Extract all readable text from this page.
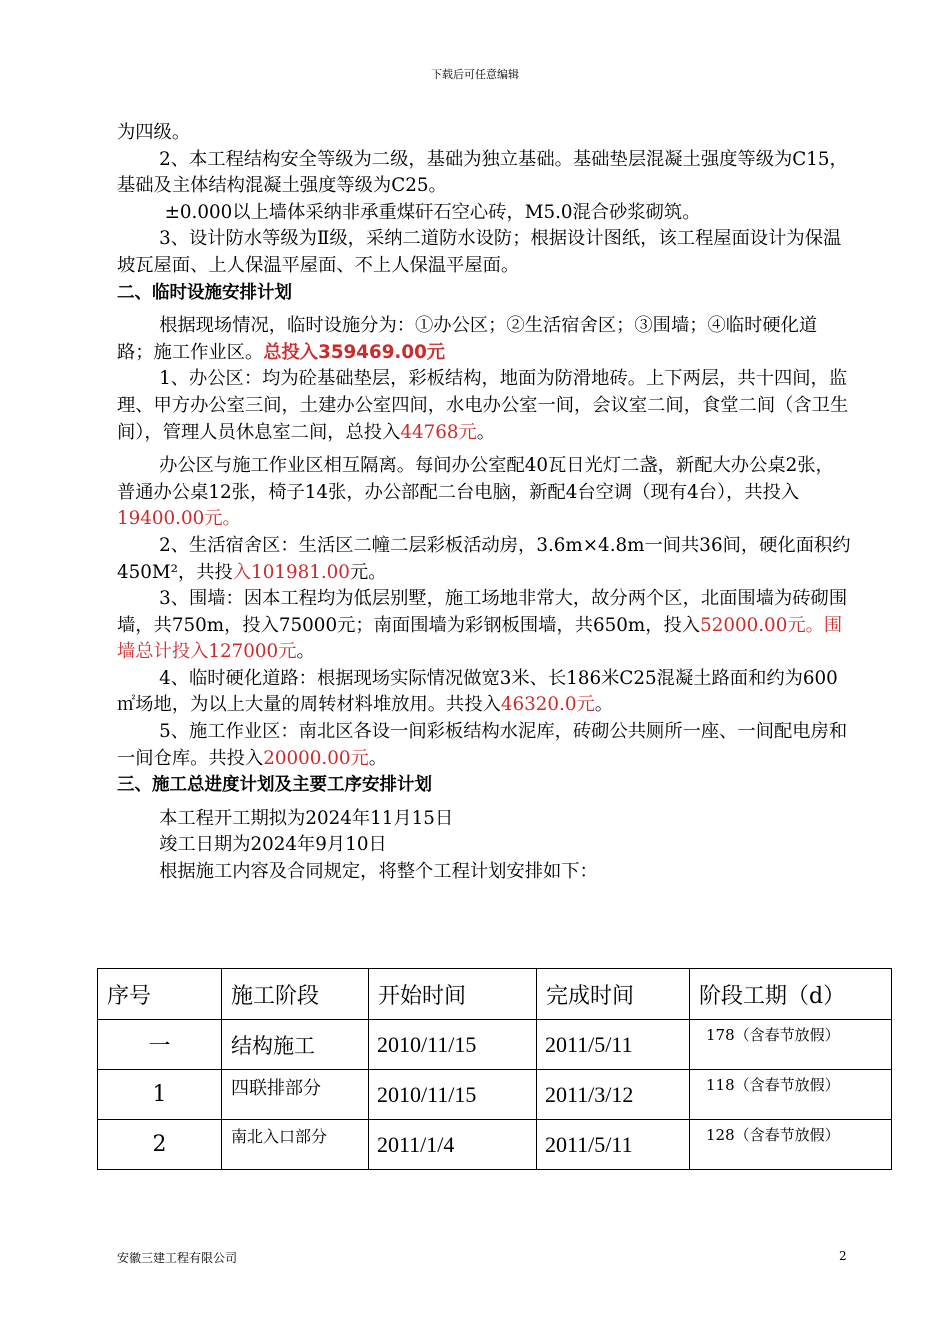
下载后可任意编辑

为四级。

2、本工程结构安全等级为二级，基础为独立基础。基础垫层混凝土强度等级为C15，基础及主体结构混凝土强度等级为C25。

±0.000以上墙体采纳非承重煤矸石空心砖，M5.0混合砂浆砌筑。

3、设计防水等级为Ⅱ级，采纳二道防水设防；根据设计图纸，该工程屋面设计为保温坡瓦屋面、上人保温平屋面、不上人保温平屋面。

二、临时设施安排计划

根据现场情况，临时设施分为：①办公区；②生活宿舍区；③围墙；④临时硬化道路；施工作业区。总投入359469.00元

1、办公区：均为砼基础垫层，彩板结构，地面为防滑地砖。上下两层，共十四间，监理、甲方办公室三间，土建办公室四间，水电办公室一间，会议室二间，食堂二间（含卫生间），管理人员休息室二间，总投入44768元。

办公区与施工作业区相互隔离。每间办公室配40瓦日光灯二盏，新配大办公桌2张，普通办公桌12张，椅子14张，办公部配二台电脑，新配4台空调（现有4台），共投入19400.00元。

2、生活宿舍区：生活区二幢二层彩板活动房，3.6m×4.8m一间共36间，硬化面积约450M²，共投入101981.00元。

3、围墙：因本工程均为低层别墅，施工场地非常大，故分两个区，北面围墙为砖砌围墙，共750m，投入75000元；南面围墙为彩钢板围墙，共650m，投入52000.00元。围墙总计投入127000元。

4、临时硬化道路：根据现场实际情况做宽3米、长186米C25混凝土路面和约为600㎡场地，为以上大量的周转材料堆放用。共投入46320.0元。

5、施工作业区：南北区各设一间彩板结构水泥库，砖砌公共厕所一座、一间配电房和一间仓库。共投入20000.00元。

三、施工总进度计划及主要工序安排计划

本工程开工期拟为2024年11月15日

竣工日期为2024年9月10日

根据施工内容及合同规定，将整个工程计划安排如下：

序号	施工阶段	开始时间	完成时间	阶段工期（d）
一	结构施工	2010/11/15	2011/5/11	178（含春节放假）
1	四联排部分	2010/11/15	2011/3/12	118（含春节放假）
2	南北入口部分	2011/1/4	2011/5/11	128（含春节放假）
安徽三建工程有限公司	2
